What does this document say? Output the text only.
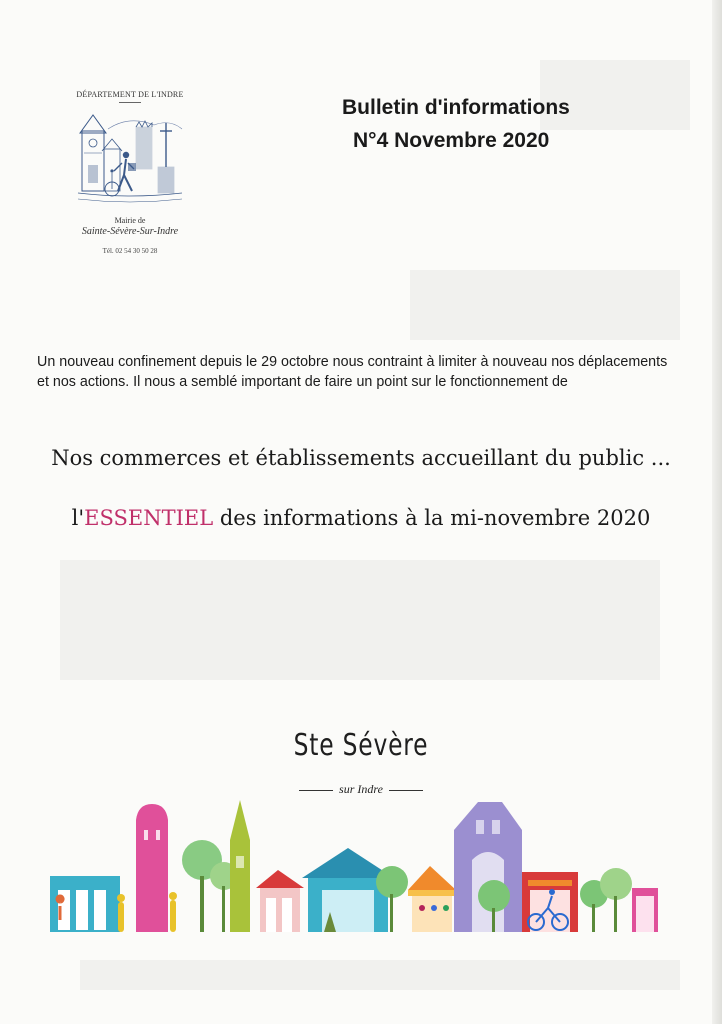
DÉPARTEMENT DE L'INDRE
Mairie de
Sainte-Sévère-Sur-Indre
Tél. 02 54 30 50 28
Bulletin d'informations
N°4 Novembre 2020
Un nouveau confinement depuis le 29 octobre nous contraint à limiter à nouveau nos déplacements et nos actions. Il nous a semblé important de faire un point sur le fonctionnement de
Nos commerces et établissements accueillant du public ...
l'ESSENTIEL des informations à la mi-novembre 2020
Ste Sévère
sur Indre
